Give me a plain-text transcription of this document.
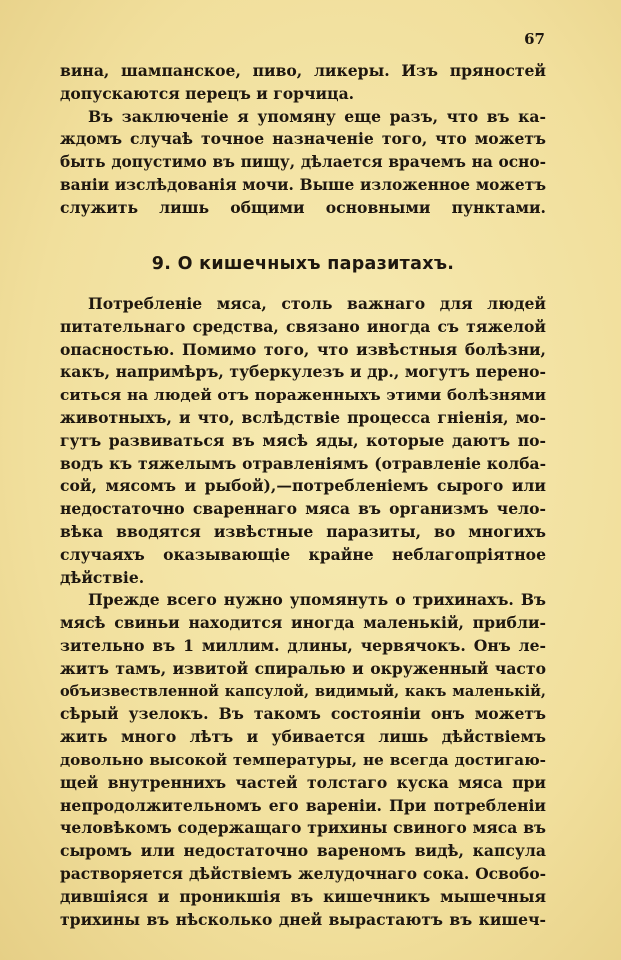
67
вина, шампанское, пиво, ликеры. Изъ пряностей
допускаются перецъ и горчица.
Въ заключеніе я упомяну еще разъ, что въ ка-
ждомъ случаѣ точное назначеніе того, что можетъ
быть допустимо въ пищу, дѣлается врачемъ на осно-
ваніи изслѣдованія мочи. Выше изложенное можетъ
служить лишь общими основными пунктами.
9. О кишечныхъ паразитахъ.
Потребленіе мяса, столь важнаго для людей
питательнаго средства, связано иногда съ тяжелой
опасностью. Помимо того, что извѣстныя болѣзни,
какъ, напримѣръ, туберкулезъ и др., могутъ перено-
ситься на людей отъ пораженныхъ этими болѣзнями
животныхъ, и что, вслѣдствіе процесса гніенія, мо-
гутъ развиваться въ мясѣ яды, которые даютъ по-
водъ къ тяжелымъ отравленіямъ (отравленіе колба-
сой, мясомъ и рыбой),—потребленіемъ сырого или
недостаточно свареннаго мяса въ организмъ чело-
вѣка вводятся извѣстные паразиты, во многихъ
случаяхъ оказывающіе крайне неблагопріятное
дѣйствіе.
Прежде всего нужно упомянуть о трихинахъ. Въ
мясѣ свиньи находится иногда маленькій, прибли-
зительно въ 1 миллим. длины, червячокъ. Онъ ле-
житъ тамъ, извитой спиралью и окруженный часто
объизвествленной капсулой, видимый, какъ маленькій,
сѣрый узелокъ. Въ такомъ состояніи онъ можетъ
жить много лѣтъ и убивается лишь дѣйствіемъ
довольно высокой температуры, не всегда достигаю-
щей внутреннихъ частей толстаго куска мяса при
непродолжительномъ его вареніи. При потребленіи
человѣкомъ содержащаго трихины свиного мяса въ
сыромъ или недостаточно вареномъ видѣ, капсула
растворяется дѣйствіемъ желудочнаго сока. Освобо-
дившіяся и проникшія въ кишечникъ мышечныя
трихины въ нѣсколько дней вырастаютъ въ кишеч-
